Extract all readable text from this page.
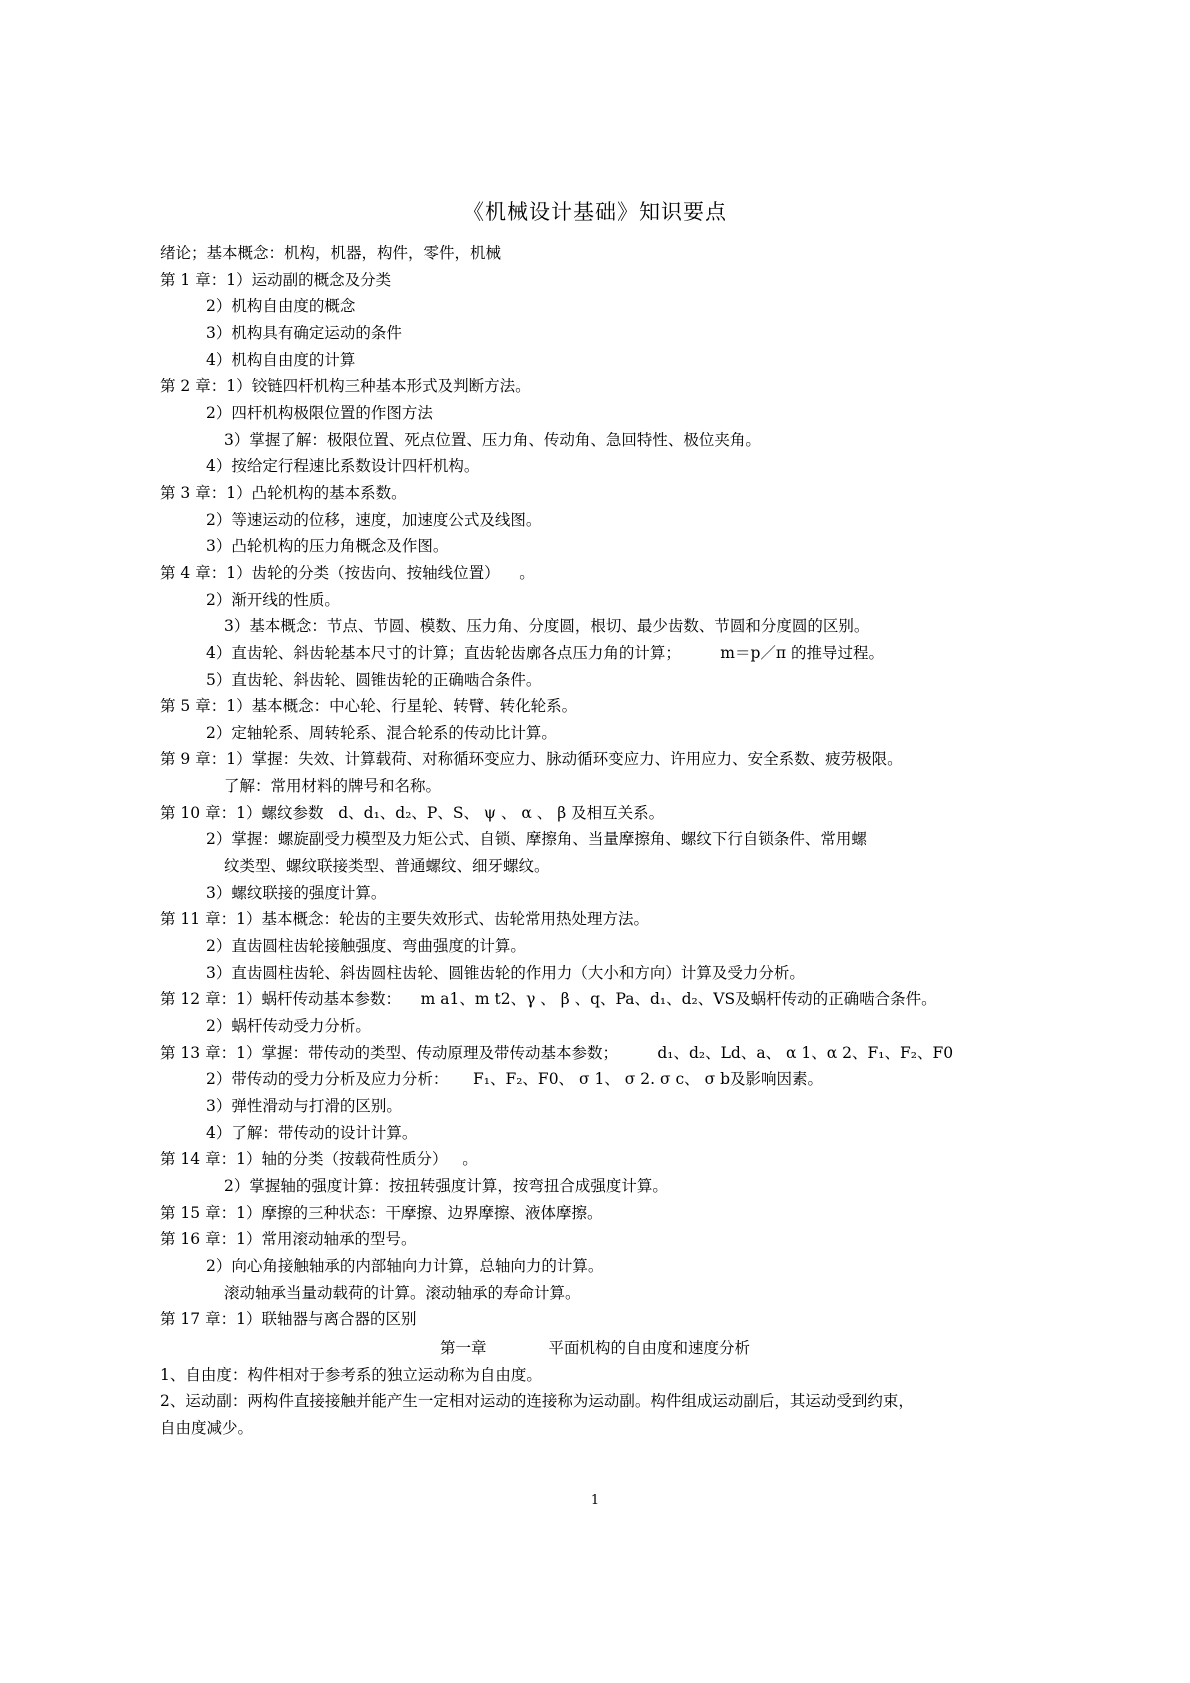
《机械设计基础》知识要点

绪论；基本概念：机构，机器，构件，零件，机械

第 1 章：1）运动副的概念及分类

2）机构自由度的概念

3）机构具有确定运动的条件

4）机构自由度的计算

第 2 章：1）铰链四杆机构三种基本形式及判断方法。

2）四杆机构极限位置的作图方法

3）掌握了解：极限位置、死点位置、压力角、传动角、急回特性、极位夹角。

4）按给定行程速比系数设计四杆机构。

第 3 章：1）凸轮机构的基本系数。

2）等速运动的位移，速度，加速度公式及线图。

3）凸轮机构的压力角概念及作图。

第 4 章：1）齿轮的分类（按齿向、按轴线位置）    。

2）渐开线的性质。

3）基本概念：节点、节圆、模数、压力角、分度圆，根切、最少齿数、节圆和分度圆的区别。

4）直齿轮、斜齿轮基本尺寸的计算；直齿轮齿廓各点压力角的计算；        m＝p／π 的推导过程。

5）直齿轮、斜齿轮、圆锥齿轮的正确啮合条件。

第 5 章：1）基本概念：中心轮、行星轮、转臂、转化轮系。

2）定轴轮系、周转轮系、混合轮系的传动比计算。

第 9 章：1）掌握：失效、计算载荷、对称循环变应力、脉动循环变应力、许用应力、安全系数、疲劳极限。

了解：常用材料的牌号和名称。

第 10 章：1）螺纹参数   d、d₁、d₂、P、S、 ψ 、 α 、 β 及相互关系。

2）掌握：螺旋副受力模型及力矩公式、自锁、摩擦角、当量摩擦角、螺纹下行自锁条件、常用螺

纹类型、螺纹联接类型、普通螺纹、细牙螺纹。

3）螺纹联接的强度计算。

第 11 章：1）基本概念：轮齿的主要失效形式、齿轮常用热处理方法。

2）直齿圆柱齿轮接触强度、弯曲强度的计算。

3）直齿圆柱齿轮、斜齿圆柱齿轮、圆锥齿轮的作用力（大小和方向）计算及受力分析。

第 12 章：1）蜗杆传动基本参数：    m a1、m t2、γ 、 β 、q、Pa、d₁、d₂、VS及蜗杆传动的正确啮合条件。

2）蜗杆传动受力分析。

第 13 章：1）掌握：带传动的类型、传动原理及带传动基本参数；        d₁、d₂、Ld、a、 α 1、α 2、F₁、F₂、F0

2）带传动的受力分析及应力分析：     F₁、F₂、F0、 σ 1、 σ 2. σ c、 σ b及影响因素。

3）弹性滑动与打滑的区别。

4）了解：带传动的设计计算。

第 14 章：1）轴的分类（按载荷性质分）   。

2）掌握轴的强度计算：按扭转强度计算，按弯扭合成强度计算。

第 15 章：1）摩擦的三种状态：干摩擦、边界摩擦、液体摩擦。

第 16 章：1）常用滚动轴承的型号。

2）向心角接触轴承的内部轴向力计算，总轴向力的计算。

滚动轴承当量动载荷的计算。滚动轴承的寿命计算。

第 17 章：1）联轴器与离合器的区别

第一章	平面机构的自由度和速度分析

1、自由度：构件相对于参考系的独立运动称为自由度。

2、运动副：两构件直接接触并能产生一定相对运动的连接称为运动副。构件组成运动副后，其运动受到约束，

自由度减少。

1
